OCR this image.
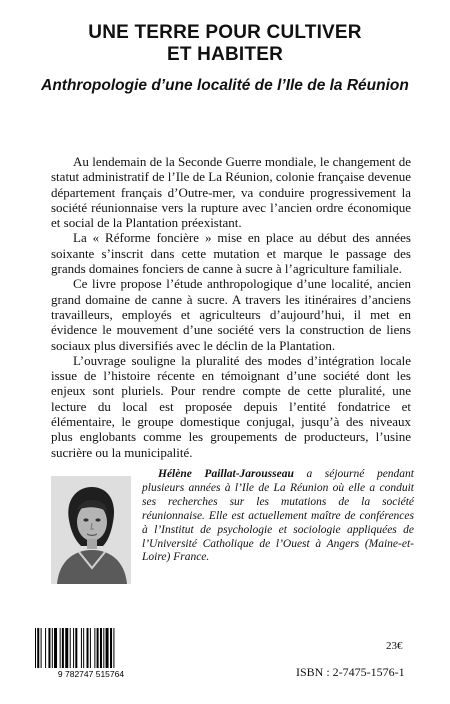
UNE TERRE POUR CULTIVER
ET HABITER
Anthropologie d’une localité de l’Ile de la Réunion

Au lendemain de la Seconde Guerre mondiale, le changement de statut administratif de l’Ile de La Réunion, colonie française devenue département français d’Outre-mer, va conduire progressivement la société réunionnaise vers la rupture avec l’ancien ordre économique et social de la Plantation préexistant.

La « Réforme foncière » mise en place au début des années soixante s’inscrit dans cette mutation et marque le passage des grands domaines fonciers de canne à sucre à l’agriculture familiale.

Ce livre propose l’étude anthropologique d’une localité, ancien grand domaine de canne à sucre. A travers les itinéraires d’anciens travailleurs, employés et agriculteurs d’aujourd’hui, il met en évidence le mouvement d’une société vers la construction de liens sociaux plus diversifiés avec le déclin de la Plantation.

L’ouvrage souligne la pluralité des modes d’intégration locale issue de l’histoire récente en témoignant d’une société dont les enjeux sont pluriels. Pour rendre compte de cette pluralité, une lecture du local est proposée depuis l’entité fondatrice et élémentaire, le groupe domestique conjugal, jusqu’à des niveaux plus englobants comme les groupements de producteurs, l’usine sucrière ou la municipalité.

Hélène Paillat-Jarousseau a séjourné pendant plusieurs années à l’Ile de La Réunion où elle a conduit ses recherches sur les mutations de la société réunionnaise. Elle est actuellement maître de conférences à l’Institut de psychologie et sociologie appliquées de l’Université Catholique de l’Ouest à Angers (Maine-et-Loire) France.
9 782747 515764
23€
ISBN : 2-7475-1576-1
